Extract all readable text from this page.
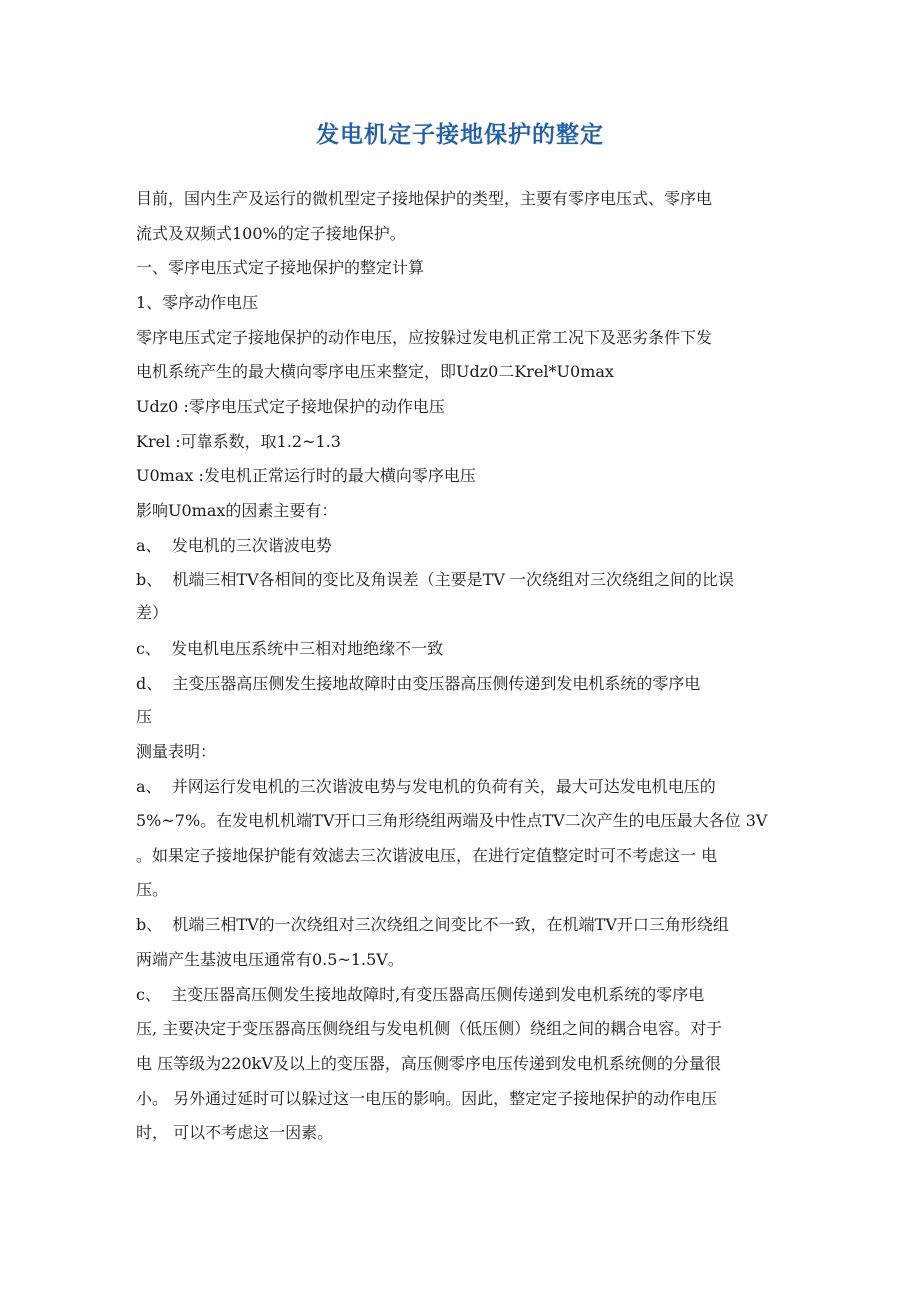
发电机定子接地保护的整定
目前，国内生产及运行的微机型定子接地保护的类型，主要有零序电压式、零序电
流式及双频式100%的定子接地保护。
一、零序电压式定子接地保护的整定计算
1、零序动作电压
零序电压式定子接地保护的动作电压，应按躲过发电机正常工况下及恶劣条件下发
电机系统产生的最大横向零序电压来整定，即Udz0二Krel*U0max
Udz0 :零序电压式定子接地保护的动作电压
Krel :可靠系数，取1.2~1.3
U0max :发电机正常运行时的最大横向零序电压
影响U0max的因素主要有：
a、  发电机的三次谐波电势
b、  机端三相TV各相间的变比及角误差（主要是TV 一次绕组对三次绕组之间的比误
差）
c、  发电机电压系统中三相对地绝缘不一致
d、  主变压器高压侧发生接地故障时由变压器高压侧传递到发电机系统的零序电
压
测量表明：
a、  并网运行发电机的三次谐波电势与发电机的负荷有关，最大可达发电机电压的
5%~7%。在发电机机端TV开口三角形绕组两端及中性点TV二次产生的电压最大各位 3V
。如果定子接地保护能有效滤去三次谐波电压，在进行定值整定时可不考虑这一 电
压。
b、  机端三相TV的一次绕组对三次绕组之间变比不一致，在机端TV开口三角形绕组
两端产生基波电压通常有0.5~1.5V。
c、  主变压器高压侧发生接地故障时,有变压器高压侧传递到发电机系统的零序电
压, 主要决定于变压器高压侧绕组与发电机侧（低压侧）绕组之间的耦合电容。对于
电 压等级为220kV及以上的变压器，高压侧零序电压传递到发电机系统侧的分量很
小。 另外通过延时可以躲过这一电压的影响。因此，整定定子接地保护的动作电压
时， 可以不考虑这一因素。
